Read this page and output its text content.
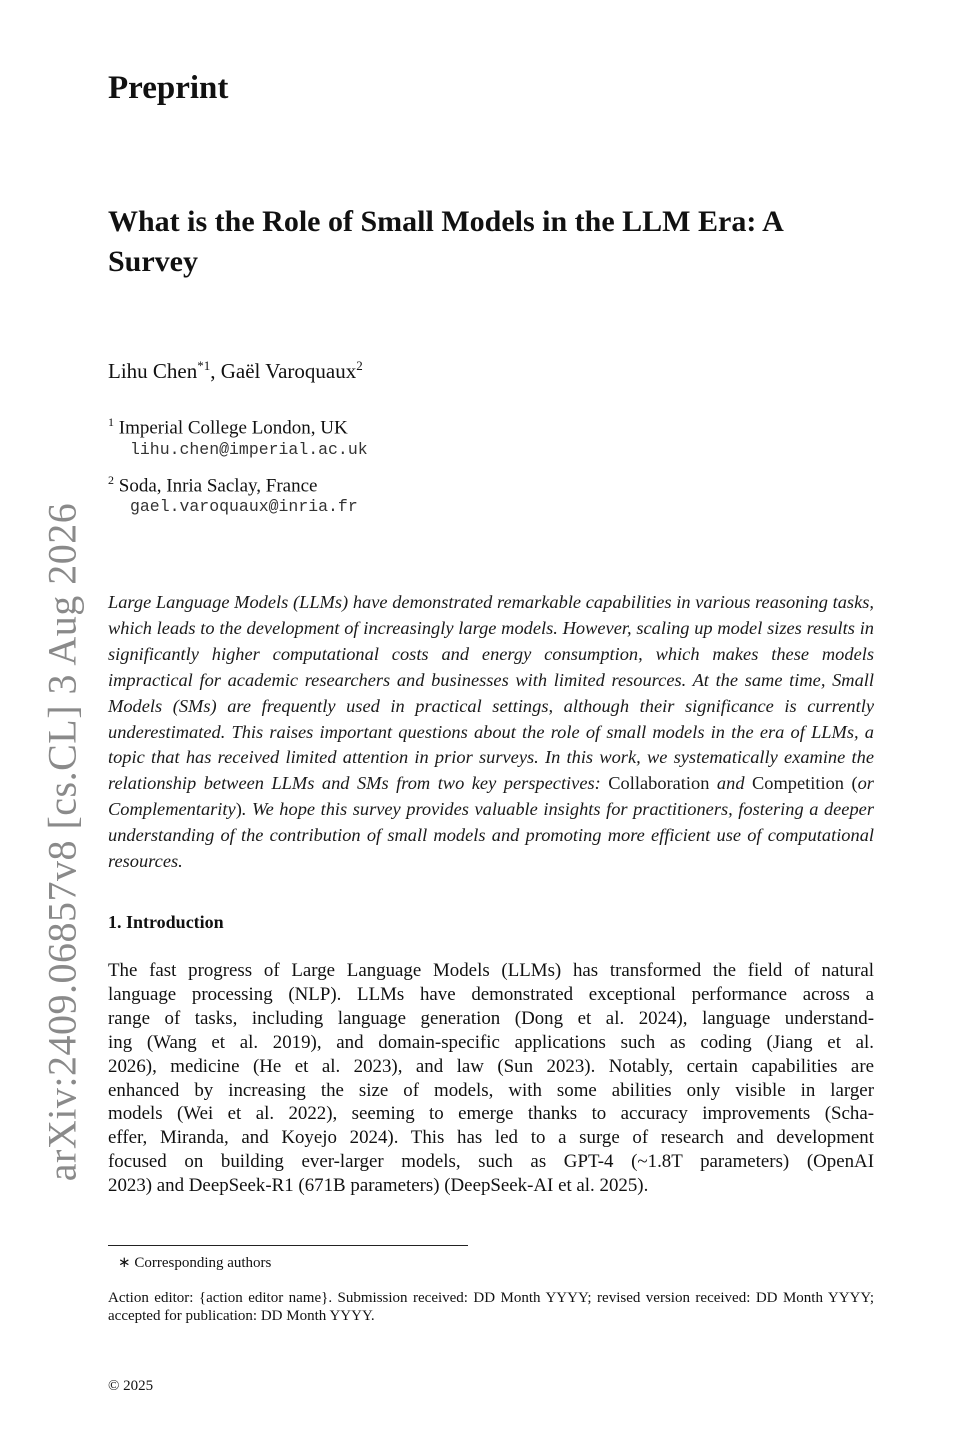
Preprint
What is the Role of Small Models in the LLM Era: A Survey
Lihu Chen$^{*1}$, Gaël Varoquaux$^2$
$^1$ Imperial College London, UK
lihu.chen@imperial.ac.uk
$^2$ Soda, Inria Saclay, France
gael.varoquaux@inria.fr

Large Language Models (LLMs) have demonstrated remarkable capabilities in various reasoning tasks, which leads to the development of increasingly large models. However, scaling up model sizes results in significantly higher computational costs and energy consumption, which makes these models impractical for academic researchers and businesses with limited resources. At the same time, Small Models (SMs) are frequently used in practical settings, although their significance is currently underestimated. This raises important questions about the role of small models in the era of LLMs, a topic that has received limited attention in prior surveys. In this work, we systematically examine the relationship between LLMs and SMs from two key perspectives: Collaboration and Competition (or Complementarity). We hope this survey provides valuable insights for practitioners, fostering a deeper understanding of the contribution of small models and promoting more efficient use of computational resources.

1. Introduction

The fast progress of Large Language Models (LLMs) has transformed the field of natural
language processing (NLP). LLMs have demonstrated exceptional performance across a
range of tasks, including language generation (Dong et al. 2024), language understand-
ing (Wang et al. 2019), and domain-specific applications such as coding (Jiang et al.
2026), medicine (He et al. 2023), and law (Sun 2023). Notably, certain capabilities are
enhanced by increasing the size of models, with some abilities only visible in larger
models (Wei et al. 2022), seeming to emerge thanks to accuracy improvements (Scha-
effer, Miranda, and Koyejo 2024). This has led to a surge of research and development
focused on building ever-larger models, such as GPT-4 (~1.8T parameters) (OpenAI
2023) and DeepSeek-R1 (671B parameters) (DeepSeek-AI et al. 2025).

∗ Corresponding authors

Action editor: {action editor name}. Submission received: DD Month YYYY; revised version received: DD Month YYYY; accepted for publication: DD Month YYYY.

© 2025
arXiv:2409.06857v8 [cs.CL] 3 Aug 2026
